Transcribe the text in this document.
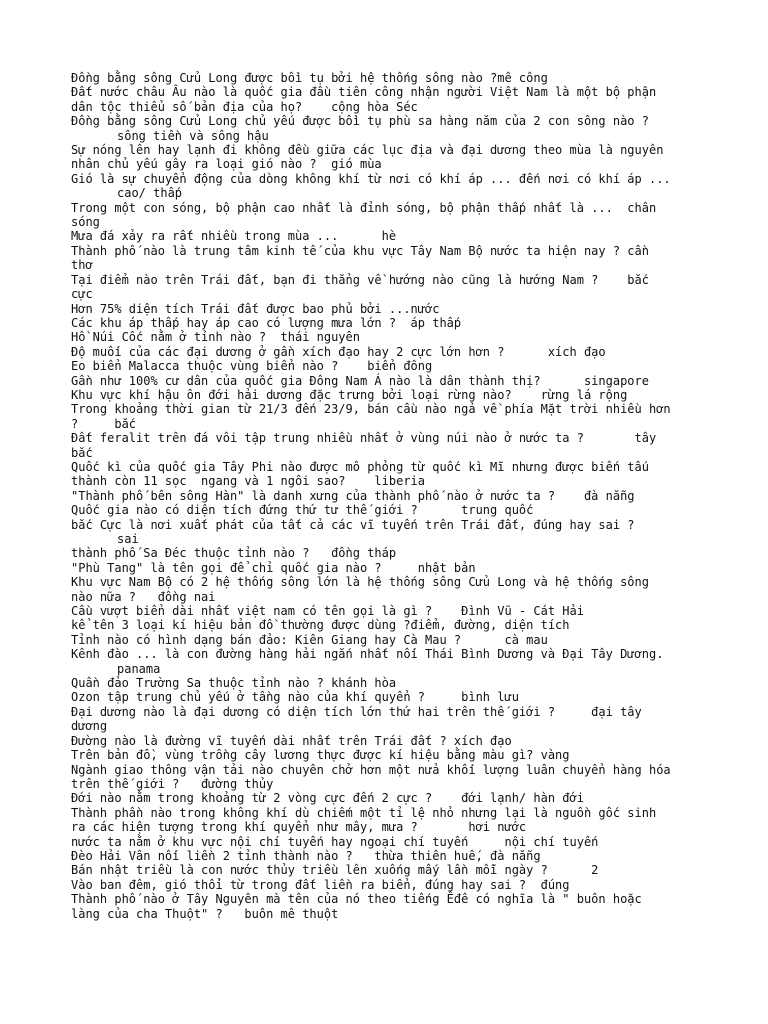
Đồng bằng sông Cửu Long được bồi tụ bởi hệ thống sông nào ?mê công
Đất nước châu Âu nào là quốc gia đầu tiên công nhận người Việt Nam là một bộ phận
dân tộc thiểu số bản địa của họ?    cộng hòa Séc
Đồng bằng sông Cửu Long chủ yếu được bồi tụ phù sa hàng năm của 2 con sông nào ?
sông tiền và sông hậu
Sự nóng lên hay lạnh đi không đều giữa các lục địa và đại dương theo mùa là nguyên
nhân chủ yếu gây ra loại gió nào ?  gió mùa
Gió là sự chuyển động của dòng không khí từ nơi có khí áp ... đến nơi có khí áp ...
cao/ thấp
Trong một con sóng, bộ phận cao nhất là đỉnh sóng, bộ phận thấp nhất là ...  chân
sóng
Mưa đá xảy ra rất nhiều trong mùa ...      hè
Thành phố nào là trung tâm kinh tế của khu vực Tây Nam Bộ nước ta hiện nay ? cần
thơ
Tại điểm nào trên Trái đất, bạn đi thẳng về hướng nào cũng là hướng Nam ?    bắc
cực
Hơn 75% diện tích Trái đất được bao phủ bởi ...nước
Các khu áp thấp hay áp cao có lượng mưa lớn ?  áp thấp
Hồ Núi Cốc nằm ở tỉnh nào ?  thái nguyên
Độ muối của các đại dương ở gần xích đạo hay 2 cực lớn hơn ?      xích đạo
Eo biển Malacca thuộc vùng biển nào ?    biển đông
Gần như 100% cư dân của quốc gia Đông Nam Á nào là dân thành thị?      singapore
Khu vực khí hậu ôn đới hải dương đặc trưng bởi loại rừng nào?    rừng lá rộng
Trong khoảng thời gian từ 21/3 đến 23/9, bán cầu nào ngả về phía Mặt trời nhiều hơn
?     bắc
Đất feralit trên đá vôi tập trung nhiều nhất ở vùng núi nào ở nước ta ?       tây
bắc
Quốc kì của quốc gia Tây Phi nào được mô phỏng từ quốc kì Mĩ nhưng được biến tấu
thành còn 11 sọc  ngang và 1 ngôi sao?    liberia
"Thành phố bên sông Hàn" là danh xưng của thành phố nào ở nước ta ?    đà nẵng
Quốc gia nào có diện tích đứng thứ tư thế giới ?      trung quốc
bắc Cực là nơi xuất phát của tất cả các vĩ tuyến trên Trái đất, đúng hay sai ?
sai
thành phố Sa Đéc thuộc tỉnh nào ?   đồng tháp
"Phù Tang" là tên gọi để chỉ quốc gia nào ?     nhật bản
Khu vực Nam Bộ có 2 hệ thống sông lớn là hệ thống sông Cửu Long và hệ thống sông
nào nữa ?   đồng nai
Cầu vượt biển dài nhất việt nam có tên gọi là gì ?    Đình Vũ - Cát Hải
kể tên 3 loại kí hiệu bản đồ thường được dùng ?điểm, đường, diện tích
Tỉnh nào có hình dạng bán đảo: Kiên Giang hay Cà Mau ?      cà mau
Kênh đào ... là con đường hàng hải ngắn nhất nối Thái Bình Dương và Đại Tây Dương.
panama
Quần đảo Trường Sa thuộc tỉnh nào ? khánh hòa
Ozon tập trung chủ yếu ở tầng nào của khí quyển ?     bình lưu
Đại dương nào là đại dương có diện tích lớn thứ hai trên thế giới ?     đại tây
dương
Đường nào là đường vĩ tuyến dài nhất trên Trái đất ? xích đạo
Trên bản đồ, vùng trồng cây lương thực được kí hiệu bằng màu gì? vàng
Ngành giao thông vận tải nào chuyên chở hơn một nửa khối lượng luân chuyển hàng hóa
trên thế giới ?   đường thủy
Đới nào nằm trong khoảng từ 2 vòng cực đến 2 cực ?    đới lạnh/ hàn đới
Thành phần nào trong không khí dù chiếm một tỉ lệ nhỏ nhưng lại là nguồn gốc sinh
ra các hiện tượng trong khí quyển như mây, mưa ?       hơi nước
nước ta nằm ở khu vực nội chí tuyến hay ngoại chí tuyến     nội chí tuyến
Đèo Hải Vân nối liền 2 tỉnh thành nào ?   thừa thiên huế, đà nẵng
Bán nhật triều là con nước thủy triều lên xuống mấy lần mỗi ngày ?      2
Vào ban đêm, gió thổi từ trong đất liền ra biển, đúng hay sai ?  đúng
Thành phố nào ở Tây Nguyên mà tên của nó theo tiếng Êđê có nghĩa là " buôn hoặc
làng của cha Thuột" ?   buôn mê thuột
